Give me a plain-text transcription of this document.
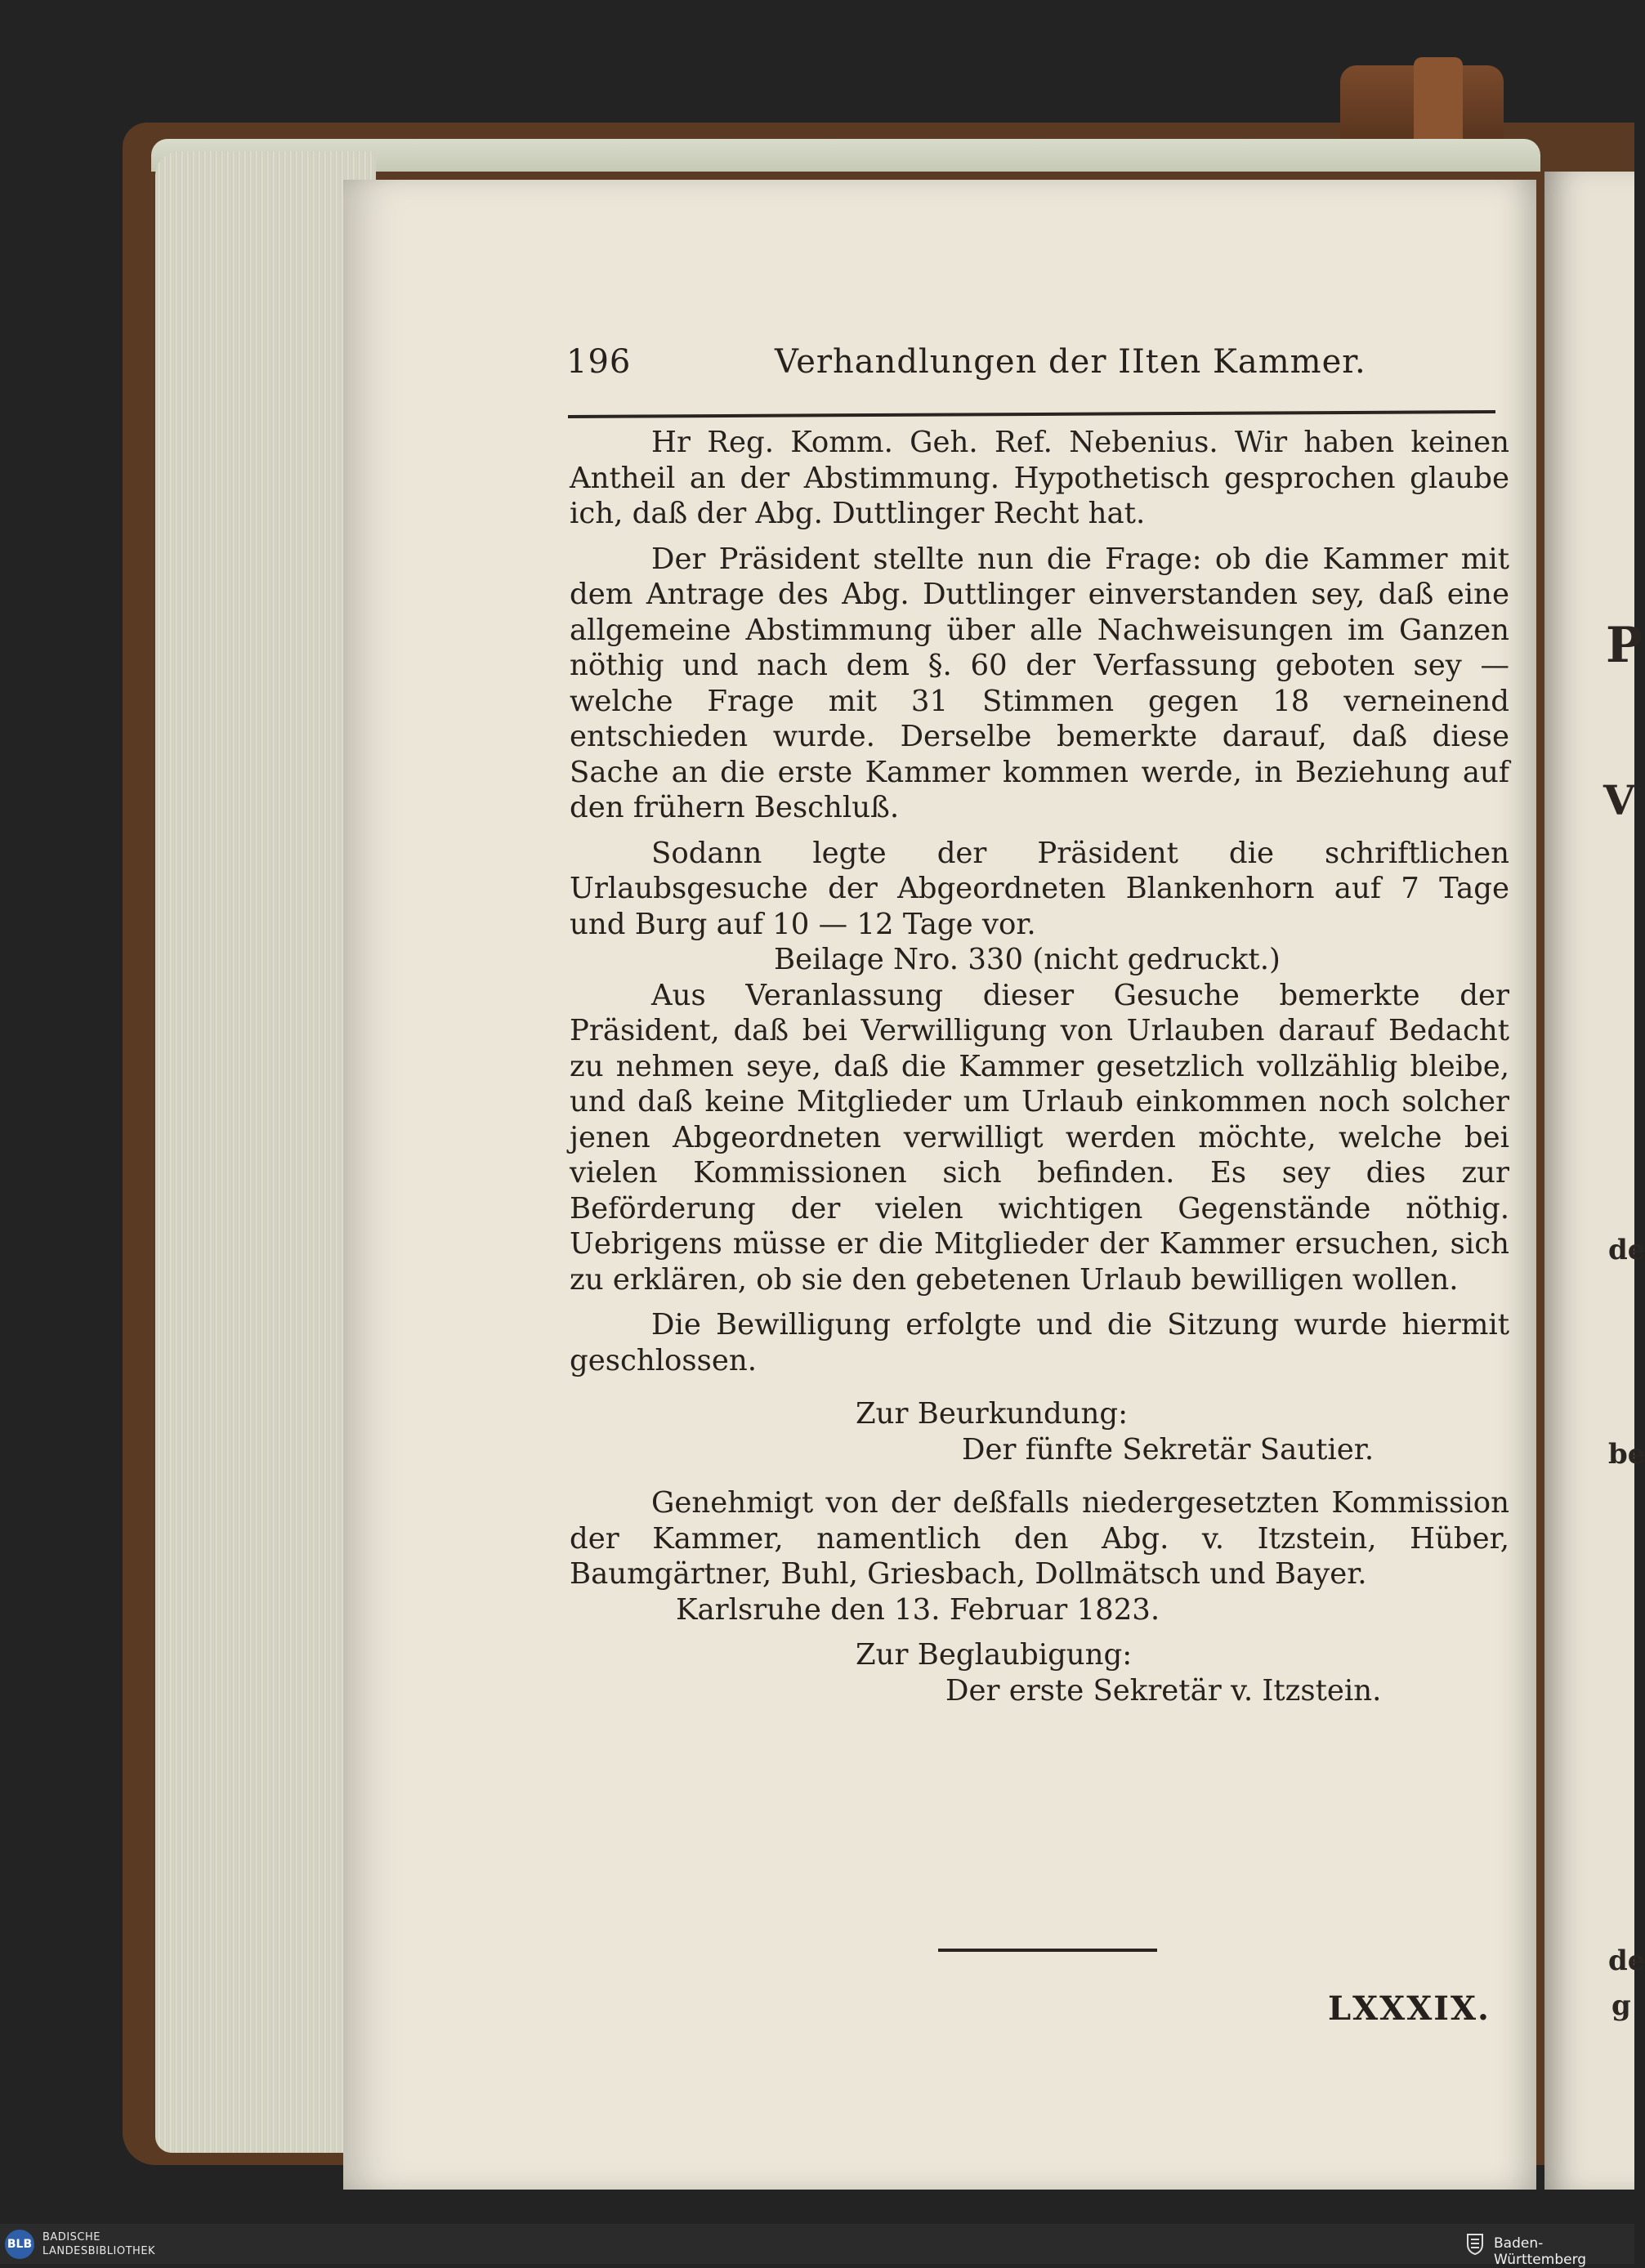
P
V
de
be
de
g
196	Verhandlungen der IIten Kammer.

Hr Reg. Komm. Geh. Ref. Nebenius. Wir haben keinen Antheil an der Abstimmung. Hypothetisch gesprochen glaube ich, daß der Abg. Duttlinger Recht hat.

Der Präsident stellte nun die Frage: ob die Kammer mit dem Antrage des Abg. Duttlinger einverstanden sey, daß eine allgemeine Abstimmung über alle Nachweisungen im Ganzen nöthig und nach dem §. 60 der Verfassung geboten sey — welche Frage mit 31 Stimmen gegen 18 verneinend entschieden wurde. Derselbe bemerkte darauf, daß diese Sache an die erste Kammer kommen werde, in Beziehung auf den frühern Beschluß.

Sodann legte der Präsident die schriftlichen Urlaubsgesuche der Abgeordneten Blankenhorn auf 7 Tage und Burg auf 10 — 12 Tage vor.

Beilage Nro. 330 (nicht gedruckt.)

Aus Veranlassung dieser Gesuche bemerkte der Präsident, daß bei Verwilligung von Urlauben darauf Bedacht zu nehmen seye, daß die Kammer gesetzlich vollzählig bleibe, und daß keine Mitglieder um Urlaub einkommen noch solcher jenen Abgeordneten verwilligt werden möchte, welche bei vielen Kommissionen sich befinden. Es sey dies zur Beförderung der vielen wichtigen Gegenstände nöthig. Uebrigens müsse er die Mitglieder der Kammer ersuchen, sich zu erklären, ob sie den gebetenen Urlaub bewilligen wollen.

Die Bewilligung erfolgte und die Sitzung wurde hiermit geschlossen.

Zur Beurkundung:

Der fünfte Sekretär Sautier.

Genehmigt von der deßfalls niedergesetzten Kommission der Kammer, namentlich den Abg. v. Itzstein, Hüber, Baumgärtner, Buhl, Griesbach, Dollmätsch und Bayer.

Karlsruhe den 13. Februar 1823.

Zur Beglaubigung:

Der erste Sekretär v. Itzstein.

LXXXIX.
BLB
BADISCHE
LANDESBIBLIOTHEK	Baden-Württemberg
